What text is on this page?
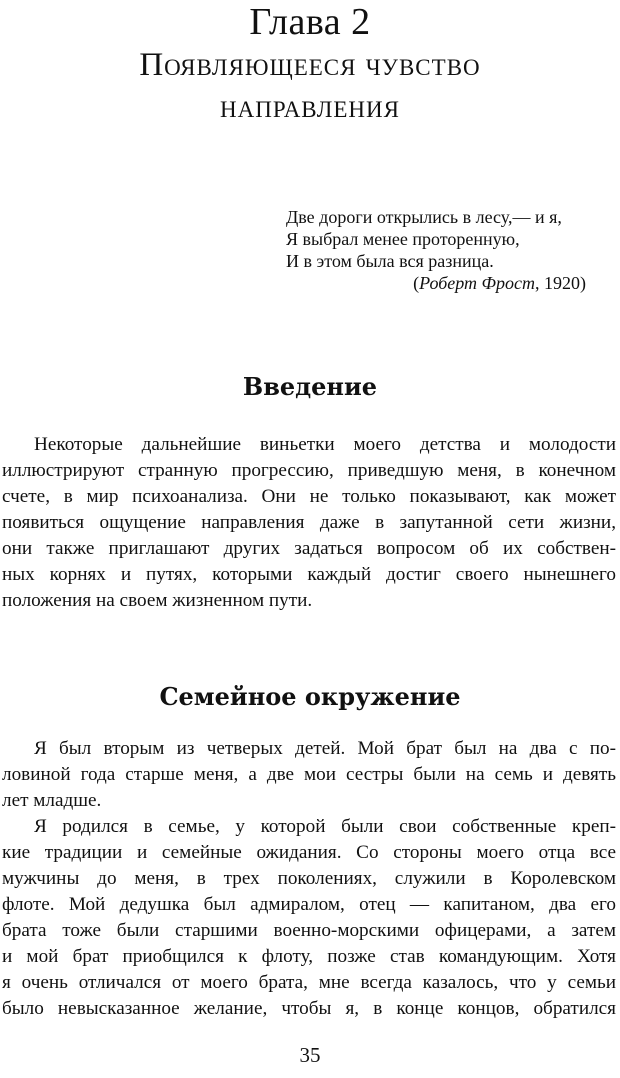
Глава 2
Появляющееся чувство
направления
Две дороги открылись в лесу,— и я,
Я выбрал менее проторенную,
И в этом была вся разница.
(Роберт Фрост, 1920)
Введение
Некоторые дальнейшие виньетки моего детства и молодости
иллюстрируют странную прогрессию, приведшую меня, в конечном
счете, в мир психоанализа. Они не только показывают, как может
появиться ощущение направления даже в запутанной сети жизни,
они также приглашают других задаться вопросом об их собствен-
ных корнях и путях, которыми каждый достиг своего нынешнего
положения на своем жизненном пути.
Семейное окружение
Я был вторым из четверых детей. Мой брат был на два с по-
ловиной года старше меня, а две мои сестры были на семь и девять
лет младше.
Я родился в семье, у которой были свои собственные креп-
кие традиции и семейные ожидания. Со стороны моего отца все
мужчины до меня, в трех поколениях, служили в Королевском
флоте. Мой дедушка был адмиралом, отец — капитаном, два его
брата тоже были старшими военно-морскими офицерами, а затем
и мой брат приобщился к флоту, позже став командующим. Хотя
я очень отличался от моего брата, мне всегда казалось, что у семьи
было невысказанное желание, чтобы я, в конце концов, обратился
35
